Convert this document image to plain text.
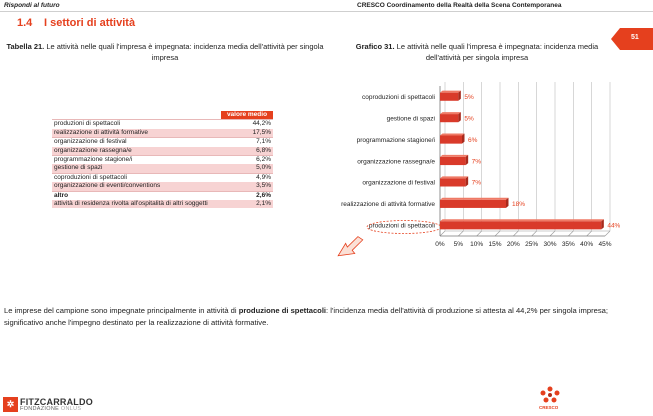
Rispondi al futuro	CRESCO Coordinamento della Realtà della Scena Contemporanea
1.4 I settori di attività
51
Tabella 21. Le attività nelle quali l'impresa è impegnata: incidenza media dell'attività per singola impresa
Grafico 31. Le attività nelle quali l'impresa è impegnata: incidenza media dell'attività per singola impresa
	valore medio
produzioni di spettacoli	44,2%
realizzazione di attività formative	17,5%
organizzazione di festival	7,1%
organizzazione rassegna/e	6,8%
programmazione stagione/i	6,2%
gestione di spazi	5,0%
coproduzioni di spettacoli	4,9%
organizzazione di eventi/conventions	3,5%
altro	2,6%
attività di residenza rivolta all'ospitalità di altri soggetti	2,1%
0% 5% 10% 15% 20% 25% 30% 35% 40% 45%
coproduzioni di spettacoli	5%
gestione di spazi	5%
programmazione stagione/i	6%
organizzazione rassegna/e	7%
organizzazione di festival	7%
realizzazione di attività formative	18%
produzioni di spettacoli	44%
Le imprese del campione sono impegnate principalmente in attività di produzione di spettacoli: l'incidenza media dell'attività di produzione si attesta al 44,2% per singola impresa; significativo anche l'impegno destinato per la realizzazione di attività formative.
✲ FITZCARRALDO
FONDAZIONE ONLUS	CRESCO
